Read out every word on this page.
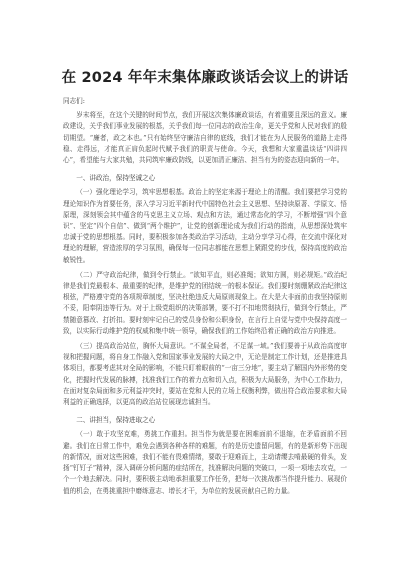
在 2024 年年末集体廉政谈话会议上的讲话

同志们:

岁末将至，在这个关键的时间节点，我们开展这次集体廉政谈话，有着重要且深远的意义。廉政建设，关乎我们事业发展的根基，关乎我们每一位同志的政治生命，更关乎党和人民对我们的殷切期望。“廉者，政之本也。”只有始终坚守廉洁自律的底线，我们才能在为人民服务的道路上走得稳、走得远，才能真正肩负起时代赋予我们的职责与使命。今天，我想和大家重温谈话“四讲四心”，希望能与大家共勉，共同筑牢廉政防线，以更加清正廉洁、担当有为的姿态迎向新的一年。

一、讲政治，保持坚诚之心

（一）强化理论学习，筑牢思想根基。政治上的坚定来源于理论上的清醒。我们要把学习党的理论知识作为首要任务，深入学习习近平新时代中国特色社会主义思想、坚持读原著、学原文、悟原理，深刻领会其中蕴含的马克思主义立场、观点和方法，通过常态化的学习，不断增强“四个意识”、坚定“四个自信”、做到“两个维护”，让党的创新理论成为我们行动的指南，从思想深处筑牢忠诚于党的思想根基。同时，要积极参加各类政治学习活动，主动分享学习心得，在交流中深化对理论的理解，营造浓厚的学习氛围，确保每一位同志都能在思想上紧跟党的步伐，保持高度的政治敏锐性。

（二）严守政治纪律，做到令行禁止。“欲知平直，则必准绳；欲知方圆，则必规矩。”政治纪律是我们党最根本、最重要的纪律，是维护党的团结统一的根本保证。我们要时刻绷紧政治纪律这根弦，严格遵守党的各项规章制度，坚决杜绝违反大局原则现象上。在大是大非面前由我坚持原则不妥，阳奉阴违等行为。对于上级党组织的决策部署，要不打不扣地贯彻执行，做到令行禁止，严禁随意篡改、打折扣。要时刻牢记自己的党员身份和公职身份，在言行上自觉与党中央保持高度一致，以实际行动维护党的权威和集中统一领导，确保我们的工作始终沿着正确的政治方向推进。

（三）提高政治站位，胸怀大局意识。“不谋全局者，不足谋一域。”我们要善于从政治高度审视和把握问题，将自身工作融入党和国家事业发展的大局之中，无论是制定工作计划，还是推进具体项目，都要考虑其对全局的影响，不能只盯着眼前的“一亩三分地”，要主动了解国内外形势的变化，把握时代发展的脉搏，找准我们工作的着力点和切入点，积极为大局服务，为中心工作助力，在面对复杂局面和多元利益冲突时，要站在党和人民的立场上权衡利弊，做出符合政治要求和大局利益的正确选择，以更高的政治站位展现忠诚担当。

二、讲担当，保持进取之心

（一）敢于攻坚克难，勇挑工作重担。担当作为就是要在困难面前不退缩，在矛盾面前不回避。我们在日常工作中，难免会遇到各种各样的难题，有的是历史遗留问题，有的是新形势下出现的新情况，面对这些困难，我们不能有畏难情绪，要敢于迎难而上，主动请缨去啃最硬的骨头，发扬“钉钉子”精神，深入调研分析问题的症结所在，找准解决问题的突破口，一项一项地去攻克，一个一个地去解决。同时，要积极主动地承担重要工作任务，把每一次挑战都当作提升能力、展现价值的机会，在勇挑重担中磨练意志、增长才干，为单位的发展贡献自己的力量。
